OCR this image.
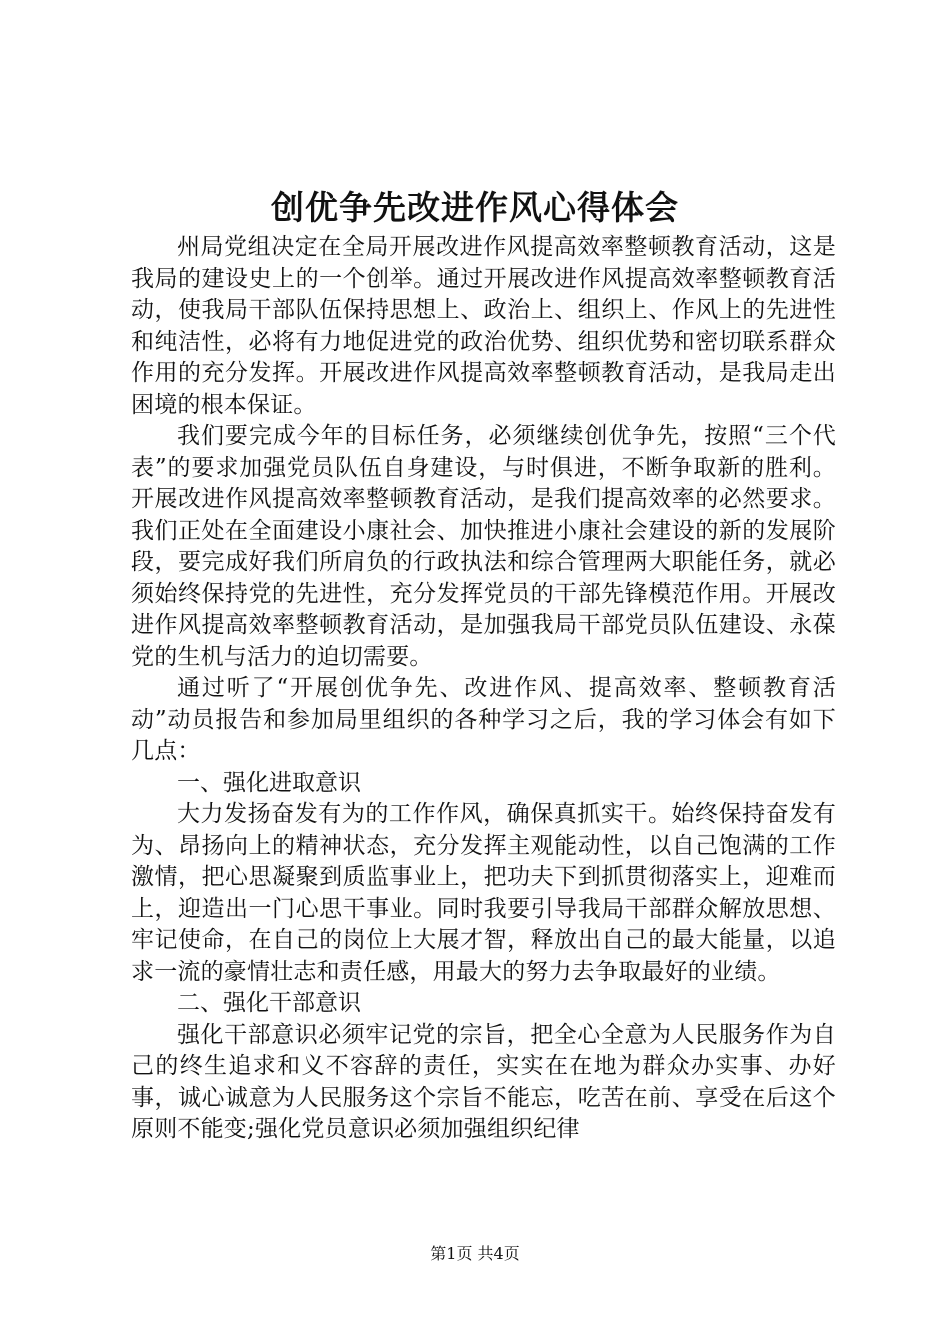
创优争先改进作风心得体会

州局党组决定在全局开展改进作风提高效率整顿教育活动，这是我局的建设史上的一个创举。通过开展改进作风提高效率整顿教育活动，使我局干部队伍保持思想上、政治上、组织上、作风上的先进性和纯洁性，必将有力地促进党的政治优势、组织优势和密切联系群众作用的充分发挥。开展改进作风提高效率整顿教育活动，是我局走出困境的根本保证。

我们要完成今年的目标任务，必须继续创优争先，按照“三个代表”的要求加强党员队伍自身建设，与时俱进，不断争取新的胜利。开展改进作风提高效率整顿教育活动，是我们提高效率的必然要求。我们正处在全面建设小康社会、加快推进小康社会建设的新的发展阶段，要完成好我们所肩负的行政执法和综合管理两大职能任务，就必须始终保持党的先进性，充分发挥党员的干部先锋模范作用。开展改进作风提高效率整顿教育活动，是加强我局干部党员队伍建设、永葆党的生机与活力的迫切需要。

通过听了“开展创优争先、改进作风、提高效率、整顿教育活动”动员报告和参加局里组织的各种学习之后，我的学习体会有如下几点：

一、强化进取意识

大力发扬奋发有为的工作作风，确保真抓实干。始终保持奋发有为、昂扬向上的精神状态，充分发挥主观能动性，以自己饱满的工作激情，把心思凝聚到质监事业上，把功夫下到抓贯彻落实上，迎难而上，迎造出一门心思干事业。同时我要引导我局干部群众解放思想、牢记使命，在自己的岗位上大展才智，释放出自己的最大能量，以追求一流的豪情壮志和责任感，用最大的努力去争取最好的业绩。

二、强化干部意识

强化干部意识必须牢记党的宗旨，把全心全意为人民服务作为自己的终生追求和义不容辞的责任，实实在在地为群众办实事、办好事，诚心诚意为人民服务这个宗旨不能忘，吃苦在前、享受在后这个原则不能变;强化党员意识必须加强组织纪律

第1页 共4页
